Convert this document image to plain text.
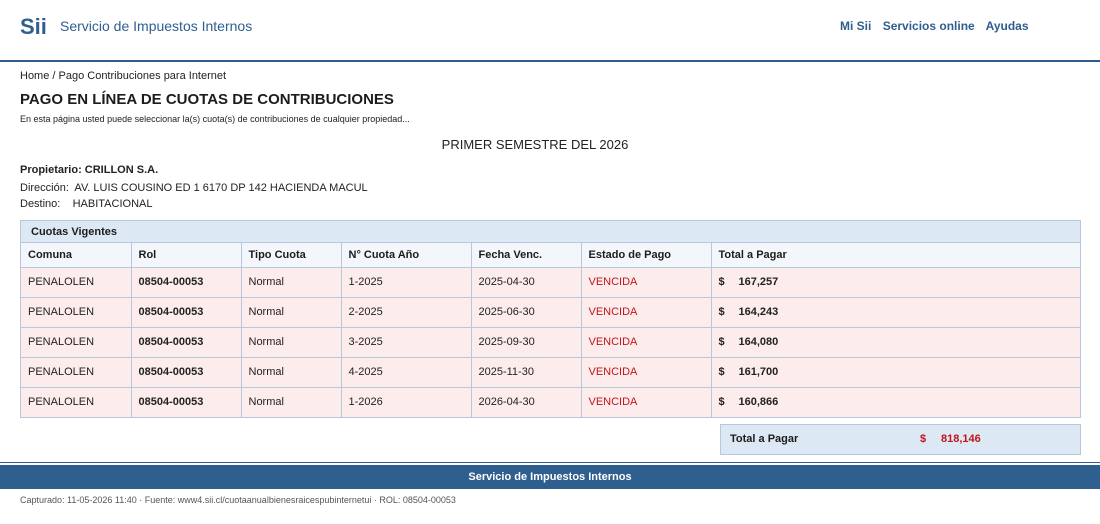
Sii Servicio de Impuestos Internos	Mi Sii Servicios online Ayudas
Home / Pago Contribuciones para Internet
PAGO EN LÍNEA DE CUOTAS DE CONTRIBUCIONES
En esta página usted puede seleccionar la(s) cuota(s) de contribuciones de cualquier propiedad...
PRIMER SEMESTRE DEL 2026
Propietario: CRILLON S.A.
Dirección: AV. LUIS COUSINO ED 1 6170 DP 142 HACIENDA MACUL
Destino: HABITACIONAL
Cuotas Vigentes
Comuna	Rol	Tipo Cuota	N° Cuota Año	Fecha Venc.	Estado de Pago	Total a Pagar
PENALOLEN	08504-00053	Normal	1-2025	2025-04-30	VENCIDA	$ 167,257
PENALOLEN	08504-00053	Normal	2-2025	2025-06-30	VENCIDA	$ 164,243
PENALOLEN	08504-00053	Normal	3-2025	2025-09-30	VENCIDA	$ 164,080
PENALOLEN	08504-00053	Normal	4-2025	2025-11-30	VENCIDA	$ 161,700
PENALOLEN	08504-00053	Normal	1-2026	2026-04-30	VENCIDA	$ 160,866
Total a Pagar	$ 818,146
Servicio de Impuestos Internos
Capturado: 11-05-2026 11:40 · Fuente: www4.sii.cl/cuotaanualbienesraicespubinternetui · ROL: 08504-00053
